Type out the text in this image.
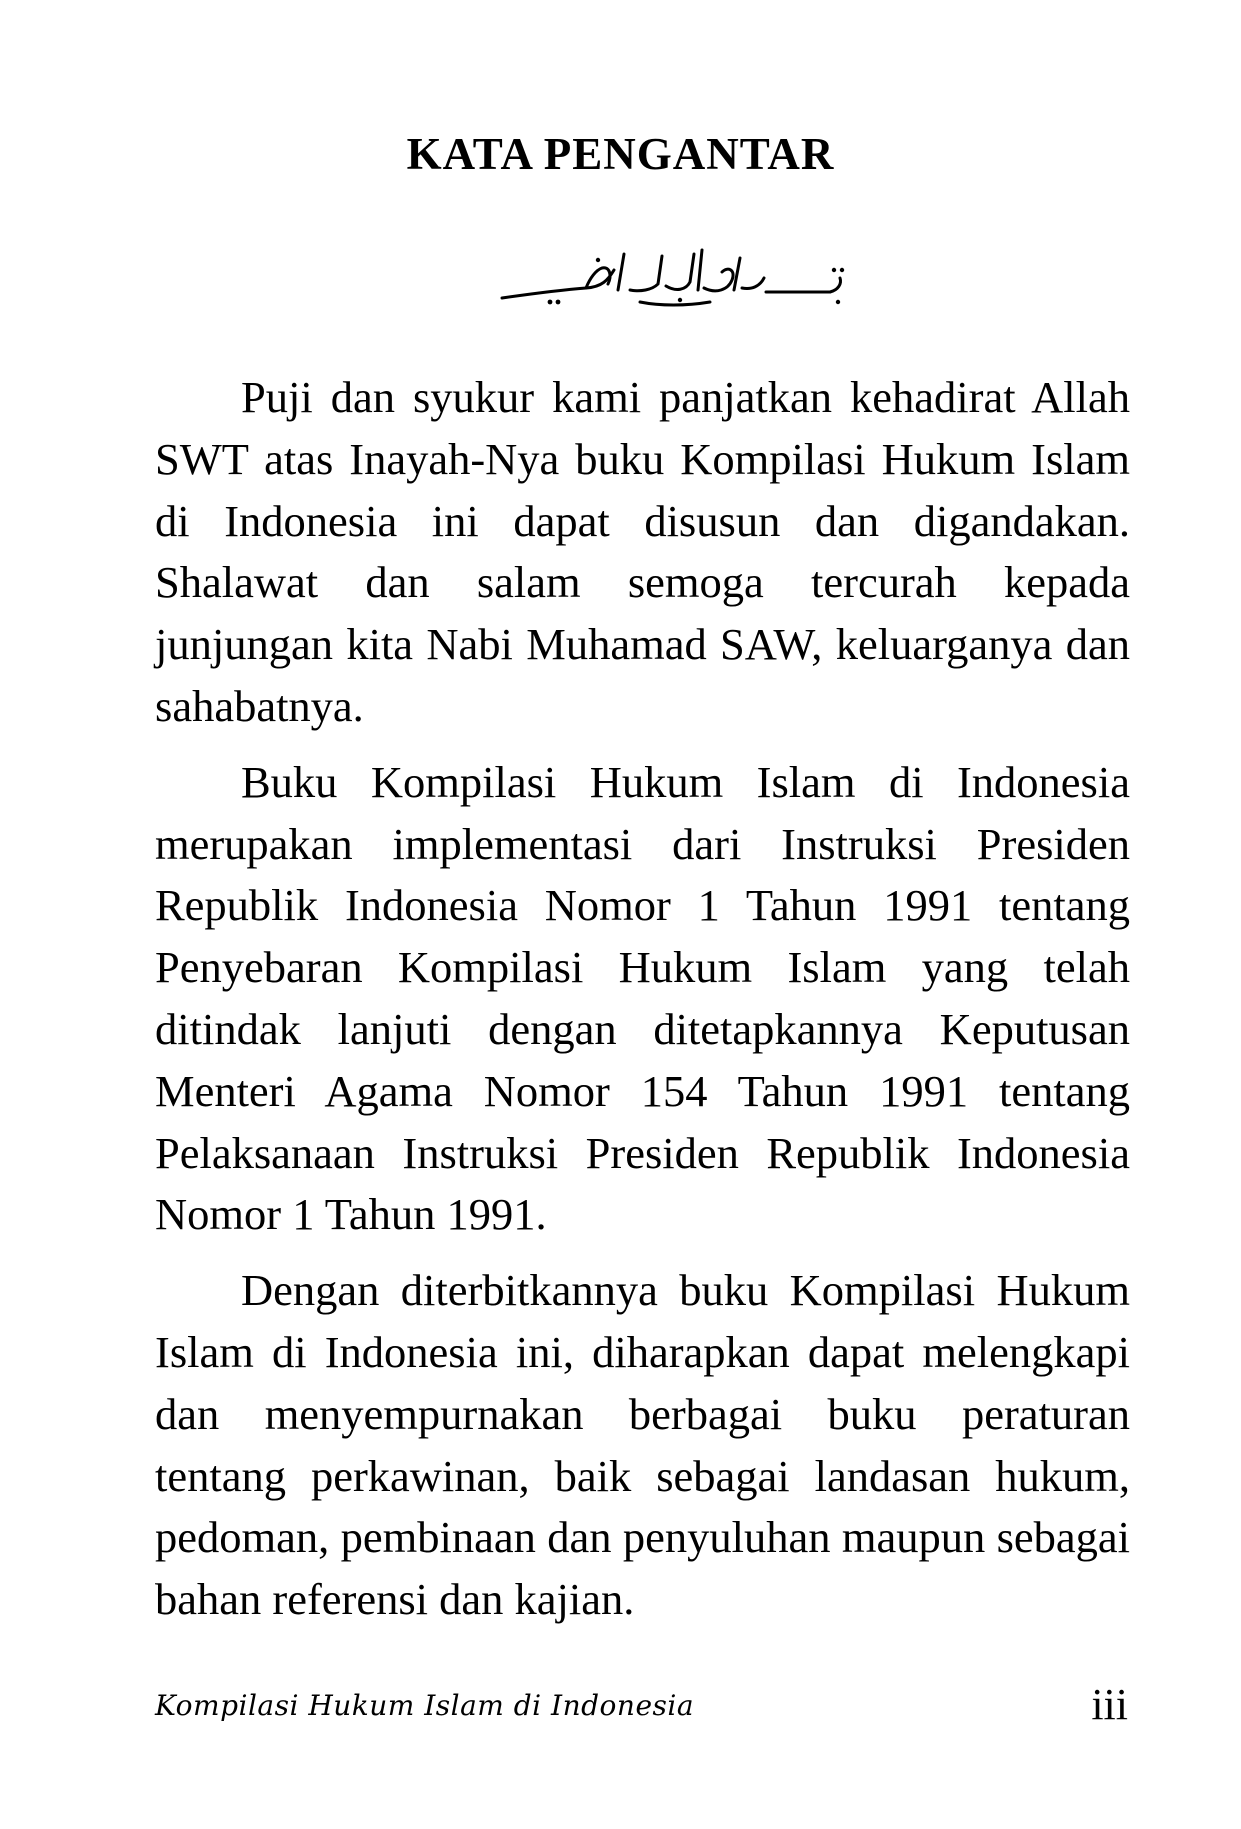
KATA PENGANTAR

Puji dan syukur kami panjatkan kehadirat Allah SWT atas Inayah-Nya buku Kompilasi Hukum Islam di Indonesia ini dapat disusun dan digandakan. Shalawat dan salam semoga tercurah kepada junjungan kita Nabi Muhamad SAW, keluarganya dan sahabatnya.

Buku Kompilasi Hukum Islam di Indonesia merupakan implementasi dari Instruksi Presiden Republik Indonesia Nomor 1 Tahun 1991 tentang Penyebaran Kompilasi Hukum Islam yang telah ditindak lanjuti dengan ditetapkannya Keputusan Menteri Agama Nomor 154 Tahun 1991 tentang Pelaksanaan Instruksi Presiden Republik Indonesia Nomor 1 Tahun 1991.

Dengan diterbitkannya buku Kompilasi Hukum Islam di Indonesia ini, diharapkan dapat melengkapi dan menyempurnakan berbagai buku peraturan tentang perkawinan, baik sebagai landasan hukum, pedoman, pembinaan dan penyuluhan maupun sebagai bahan referensi dan kajian.

Kompilasi Hukum Islam di Indonesia	iii
